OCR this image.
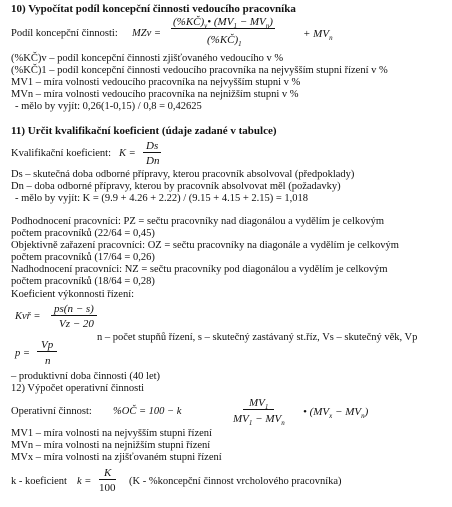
10) Vypočítat podíl koncepční činnosti vedoucího pracovníka
Podíl koncepční činnosti: MZv =
$(\%KČ)_v•$ $(MV_1 - MV_n)$
$(\%KČ)_1$
+ $MV_n$
(%KČ)v – podíl koncepční činnosti zjišťovaného vedoucího v %
(%KČ)1 – podíl koncepční činnosti vedoucího pracovníka na nejvyšším stupni řízení v %
MV1 – míra volnosti vedoucího pracovníka na nejvyšším stupni v %
MVn – míra volnosti vedoucího pracovníka na nejnižším stupni v %
- mělo by vyjít: 0,26(1-0,15) / 0,8 = 0,42625
11) Určit kvalifikační koeficient (údaje zadané v tabulce)
Kvalifikační koeficient: K =
Ds
Dn
Ds – skutečná doba odborné přípravy, kterou pracovník absolvoval (předpoklady)
Dn – doba odborné přípravy, kterou by pracovník absolvovat měl (požadavky)
- mělo by vyjít: K = (9.9 + 4.26 + 2.22) / (9.15 + 4.15 + 2.15) = 1,018
Podhodnocení pracovníci: PZ = sečtu pracovníky nad diagonálou a vydělím je celkovým
počtem pracovníků (22/64 = 0,45)
Objektivně zařazení pracovníci: OZ = sečtu pracovníky na diagonále a vydělím je celkovým
počtem pracovníků (17/64 = 0,26)
Nadhodnocení pracovníci: NZ = sečtu pracovníky pod diagonálou a vydělím je celkovým
počtem pracovníků (18/64 = 0,28)
Koeficient výkonnosti řízení:
Kvř =
ps(n − s)
Vz − 20
n – počet stupňů řízení, s – skutečný zastávaný st.říz, Vs – skutečný věk, Vp
p =
Vp
n
– produktivní doba činnosti (40 let)
12) Výpočet operativní činnosti
Operativní činnost: %OČ = 100 − k
$MV_1$
$MV_1 - MV_n$
• $(MV_x - MV_n)$
MV1 – míra volnosti na nejvyšším stupni řízení
MVn – míra volnosti na nejnižším stupni řízení
MVx – míra volnosti na zjišťovaném stupni řízení
k - koeficient k =
K
100
(K - %koncepční činnost vrcholového pracovníka)
